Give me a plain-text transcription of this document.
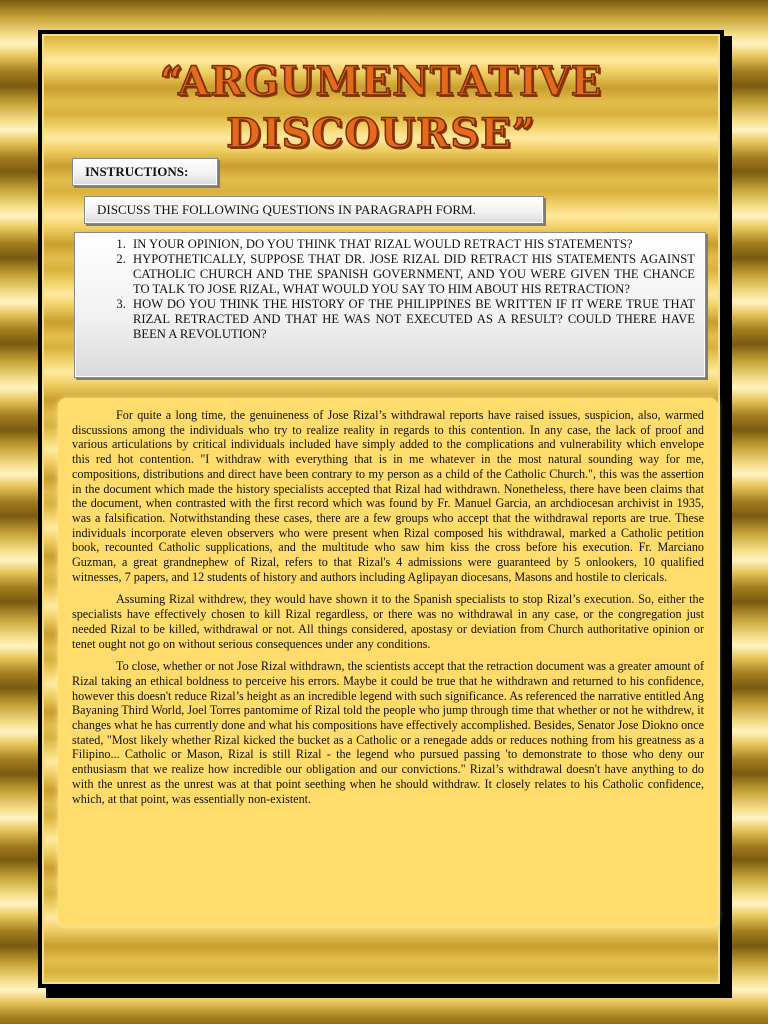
“ARGUMENTATIVE
DISCOURSE”
INSTRUCTIONS:
DISCUSS THE FOLLOWING QUESTIONS IN PARAGRAPH FORM.
1. IN YOUR OPINION, DO YOU THINK THAT RIZAL WOULD RETRACT HIS STATEMENTS?
2. HYPOTHETICALLY, SUPPOSE THAT DR. JOSE RIZAL DID RETRACT HIS STATEMENTS AGAINST CATHOLIC CHURCH AND THE SPANISH GOVERNMENT, AND YOU WERE GIVEN THE CHANCE TO TALK TO JOSE RIZAL, WHAT WOULD YOU SAY TO HIM ABOUT HIS RETRACTION?
3. HOW DO YOU THINK THE HISTORY OF THE PHILIPPINES BE WRITTEN IF IT WERE TRUE THAT RIZAL RETRACTED AND THAT HE WAS NOT EXECUTED AS A RESULT? COULD THERE HAVE BEEN A REVOLUTION?

For quite a long time, the genuineness of Jose Rizal’s withdrawal reports have raised issues, suspicion, also, warmed discussions among the individuals who try to realize reality in regards to this contention. In any case, the lack of proof and various articulations by critical individuals included have simply added to the complications and vulnerability which envelope this red hot contention. "I withdraw with everything that is in me whatever in the most natural sounding way for me, compositions, distributions and direct have been contrary to my person as a child of the Catholic Church.", this was the assertion in the document which made the history specialists accepted that Rizal had withdrawn. Nonetheless, there have been claims that the document, when contrasted with the first record which was found by Fr. Manuel Garcia, an archdiocesan archivist in 1935, was a falsification. Notwithstanding these cases, there are a few groups who accept that the withdrawal reports are true. These individuals incorporate eleven observers who were present when Rizal composed his withdrawal, marked a Catholic petition book, recounted Catholic supplications, and the multitude who saw him kiss the cross before his execution. Fr. Marciano Guzman, a great grandnephew of Rizal, refers to that Rizal's 4 admissions were guaranteed by 5 onlookers, 10 qualified witnesses, 7 papers, and 12 students of history and authors including Aglipayan diocesans, Masons and hostile to clericals.

Assuming Rizal withdrew, they would have shown it to the Spanish specialists to stop Rizal’s execution. So, either the specialists have effectively chosen to kill Rizal regardless, or there was no withdrawal in any case, or the congregation just needed Rizal to be killed, withdrawal or not. All things considered, apostasy or deviation from Church authoritative opinion or tenet ought not go on without serious consequences under any conditions.

To close, whether or not Jose Rizal withdrawn, the scientists accept that the retraction document was a greater amount of Rizal taking an ethical boldness to perceive his errors. Maybe it could be true that he withdrawn and returned to his confidence, however this doesn't reduce Rizal’s height as an incredible legend with such significance. As referenced the narrative entitled Ang Bayaning Third World, Joel Torres pantomime of Rizal told the people who jump through time that whether or not he withdrew, it changes what he has currently done and what his compositions have effectively accomplished. Besides, Senator Jose Diokno once stated, "Most likely whether Rizal kicked the bucket as a Catholic or a renegade adds or reduces nothing from his greatness as a Filipino... Catholic or Mason, Rizal is still Rizal - the legend who pursued passing 'to demonstrate to those who deny our enthusiasm that we realize how incredible our obligation and our convictions." Rizal’s withdrawal doesn't have anything to do with the unrest as the unrest was at that point seething when he should withdraw. It closely relates to his Catholic confidence, which, at that point, was essentially non-existent.
